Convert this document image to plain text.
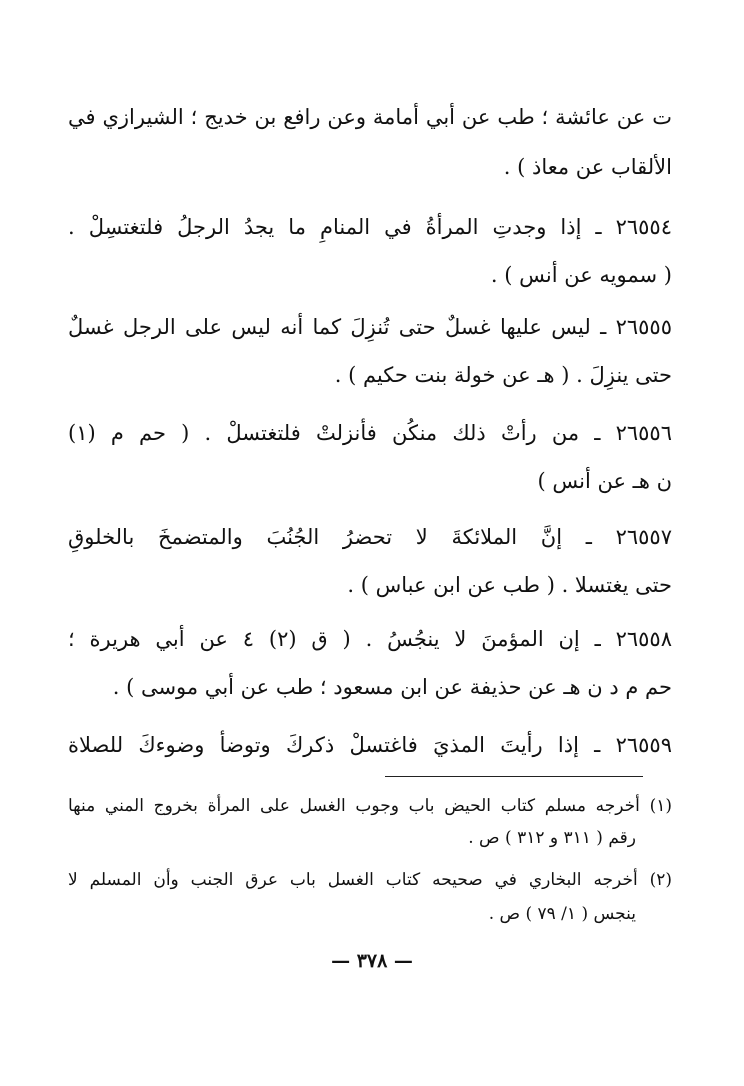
ت عن عائشة ؛ طب عن أبي أمامة وعن رافع بن خديج ؛ الشيرازي في
الألقاب عن معاذ ) .
٢٦٥٥٤ ـ إذا وجدتِ المرأةُ في المنامِ ما يجدُ الرجلُ فلتغتسِلْ .
( سمويه عن أنس ) .
٢٦٥٥٥ ـ ليس عليها غسلٌ حتى تُنزِلَ كما أنه ليس على الرجل غسلٌ
حتى ينزِلَ . ( هـ عن خولة بنت حكيم ) .
٢٦٥٥٦ ـ من رأتْ ذلك منكُن فأنزلتْ فلتغتسلْ . ( حم م (١)
ن هـ عن أنس )
٢٦٥٥٧ ـ إنَّ الملائكةَ لا تحضرُ الجُنُبَ والمتضمخَ بالخلوقِ
حتى يغتسلا . ( طب عن ابن عباس ) .
٢٦٥٥٨ ـ إن المؤمنَ لا ينجُسُ . ( ق (٢) ٤ عن أبي هريرة ؛
حم م د ن هـ عن حذيفة عن ابن مسعود ؛ طب عن أبي موسى ) .
٢٦٥٥٩ ـ إذا رأيتَ المذيَ فاغتسلْ ذكركَ وتوضأ وضوءكَ للصلاة
(١) أخرجه مسلم كتاب الحيض باب وجوب الغسل على المرأة بخروج المني منها
رقم ( ٣١١ و ٣١٢ ) ص .
(٢) أخرجه البخاري في صحيحه كتاب الغسل باب عرق الجنب وأن المسلم لا
ينجس ( ١/ ٧٩ ) ص .
— ٣٧٨ —
